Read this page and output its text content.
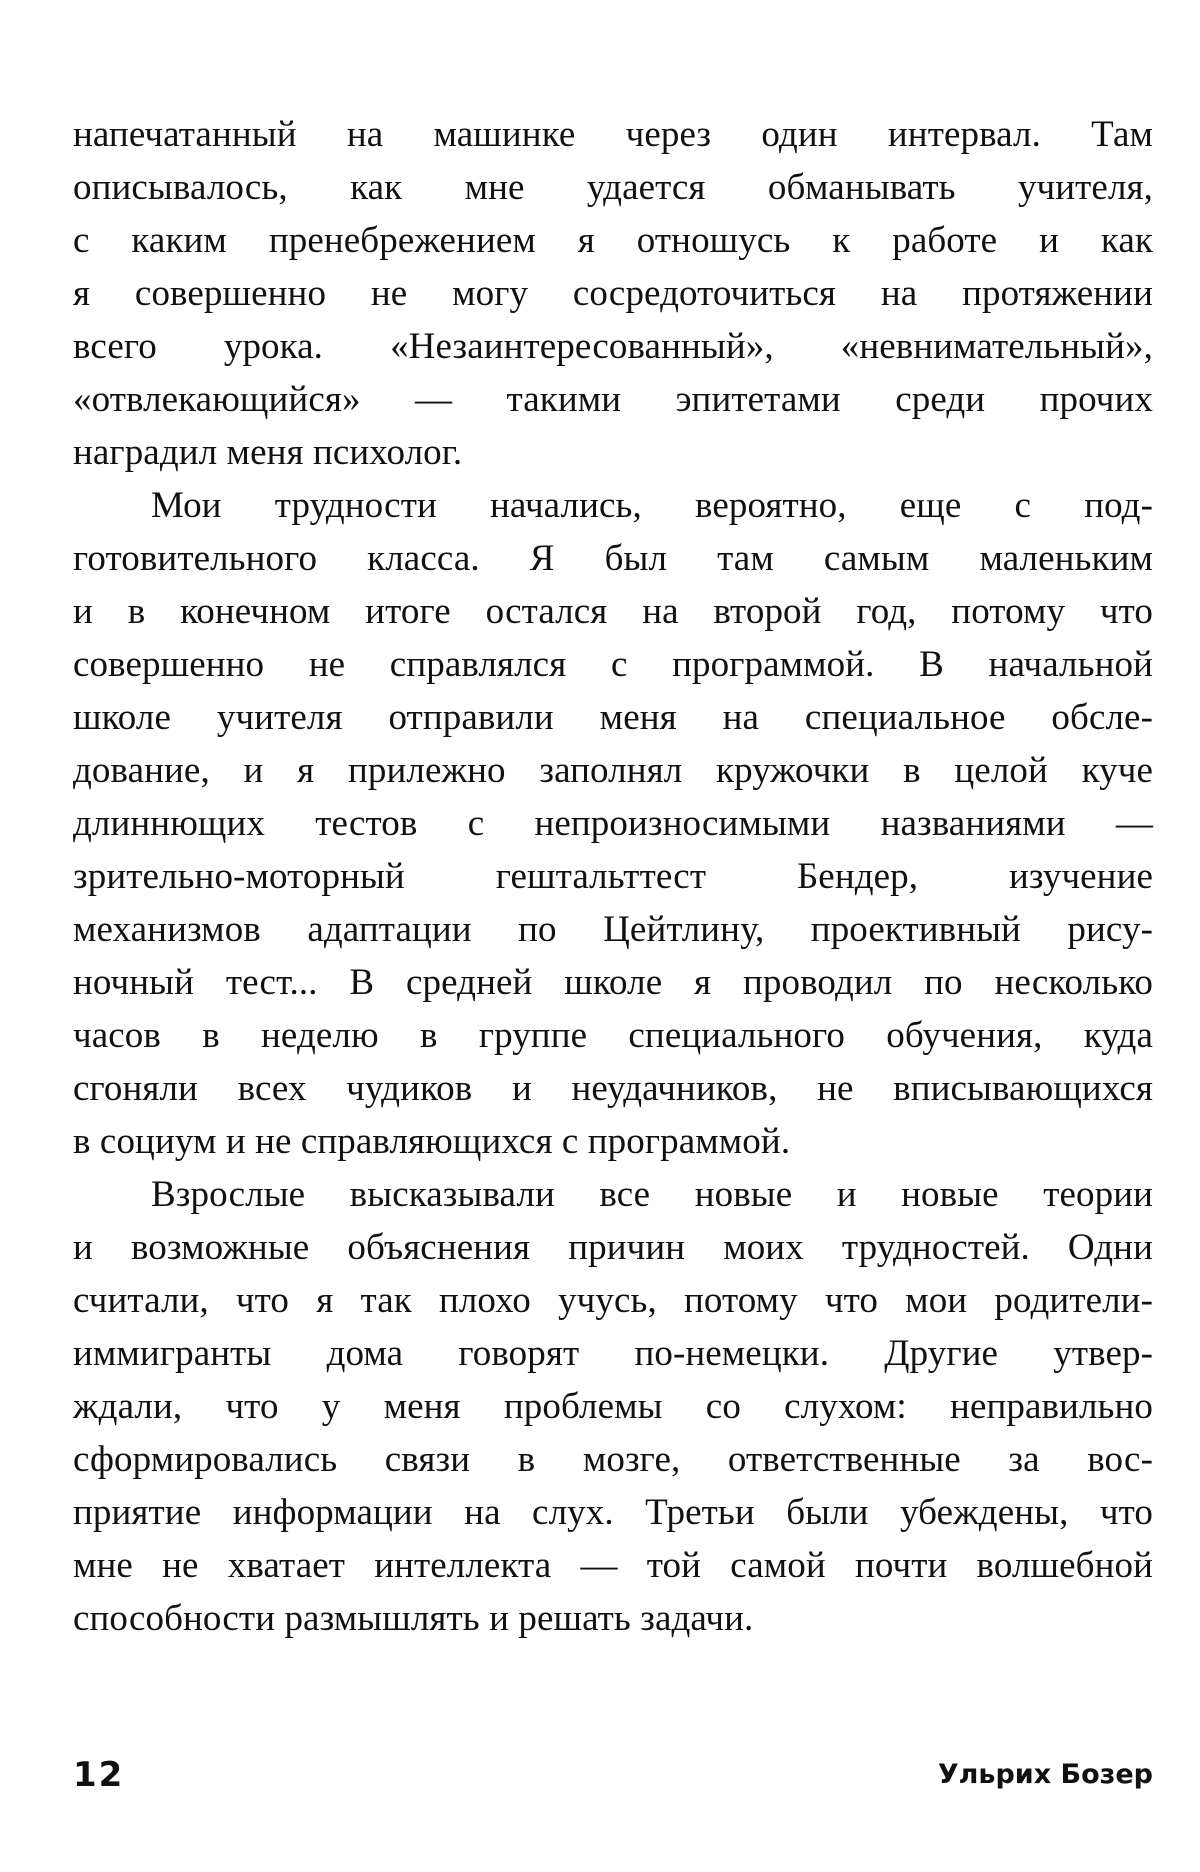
напечатанный на машинке через один интервал. Там
описывалось, как мне удается обманывать учителя,
с каким пренебрежением я отношусь к работе и как
я совершенно не могу сосредоточиться на протяжении
всего урока. «Незаинтересованный», «невнимательный»,
«отвлекающийся» — такими эпитетами среди прочих
наградил меня психолог.
Мои трудности начались, вероятно, еще с под-
готовительного класса. Я был там самым маленьким
и в конечном итоге остался на второй год, потому что
совершенно не справлялся с программой. В начальной
школе учителя отправили меня на специальное обсле-
дование, и я прилежно заполнял кружочки в целой куче
длиннющих тестов с непроизносимыми названиями —
зрительно-моторный гештальттест Бендер, изучение
механизмов адаптации по Цейтлину, проективный рису-
ночный тест... В средней школе я проводил по несколько
часов в неделю в группе специального обучения, куда
сгоняли всех чудиков и неудачников, не вписывающихся
в социум и не справляющихся с программой.
Взрослые высказывали все новые и новые теории
и возможные объяснения причин моих трудностей. Одни
считали, что я так плохо учусь, потому что мои родители-
иммигранты дома говорят по-немецки. Другие утвер-
ждали, что у меня проблемы со слухом: неправильно
сформировались связи в мозге, ответственные за вос-
приятие информации на слух. Третьи были убеждены, что
мне не хватает интеллекта — той самой почти волшебной
способности размышлять и решать задачи.
12	Ульрих Бозер
